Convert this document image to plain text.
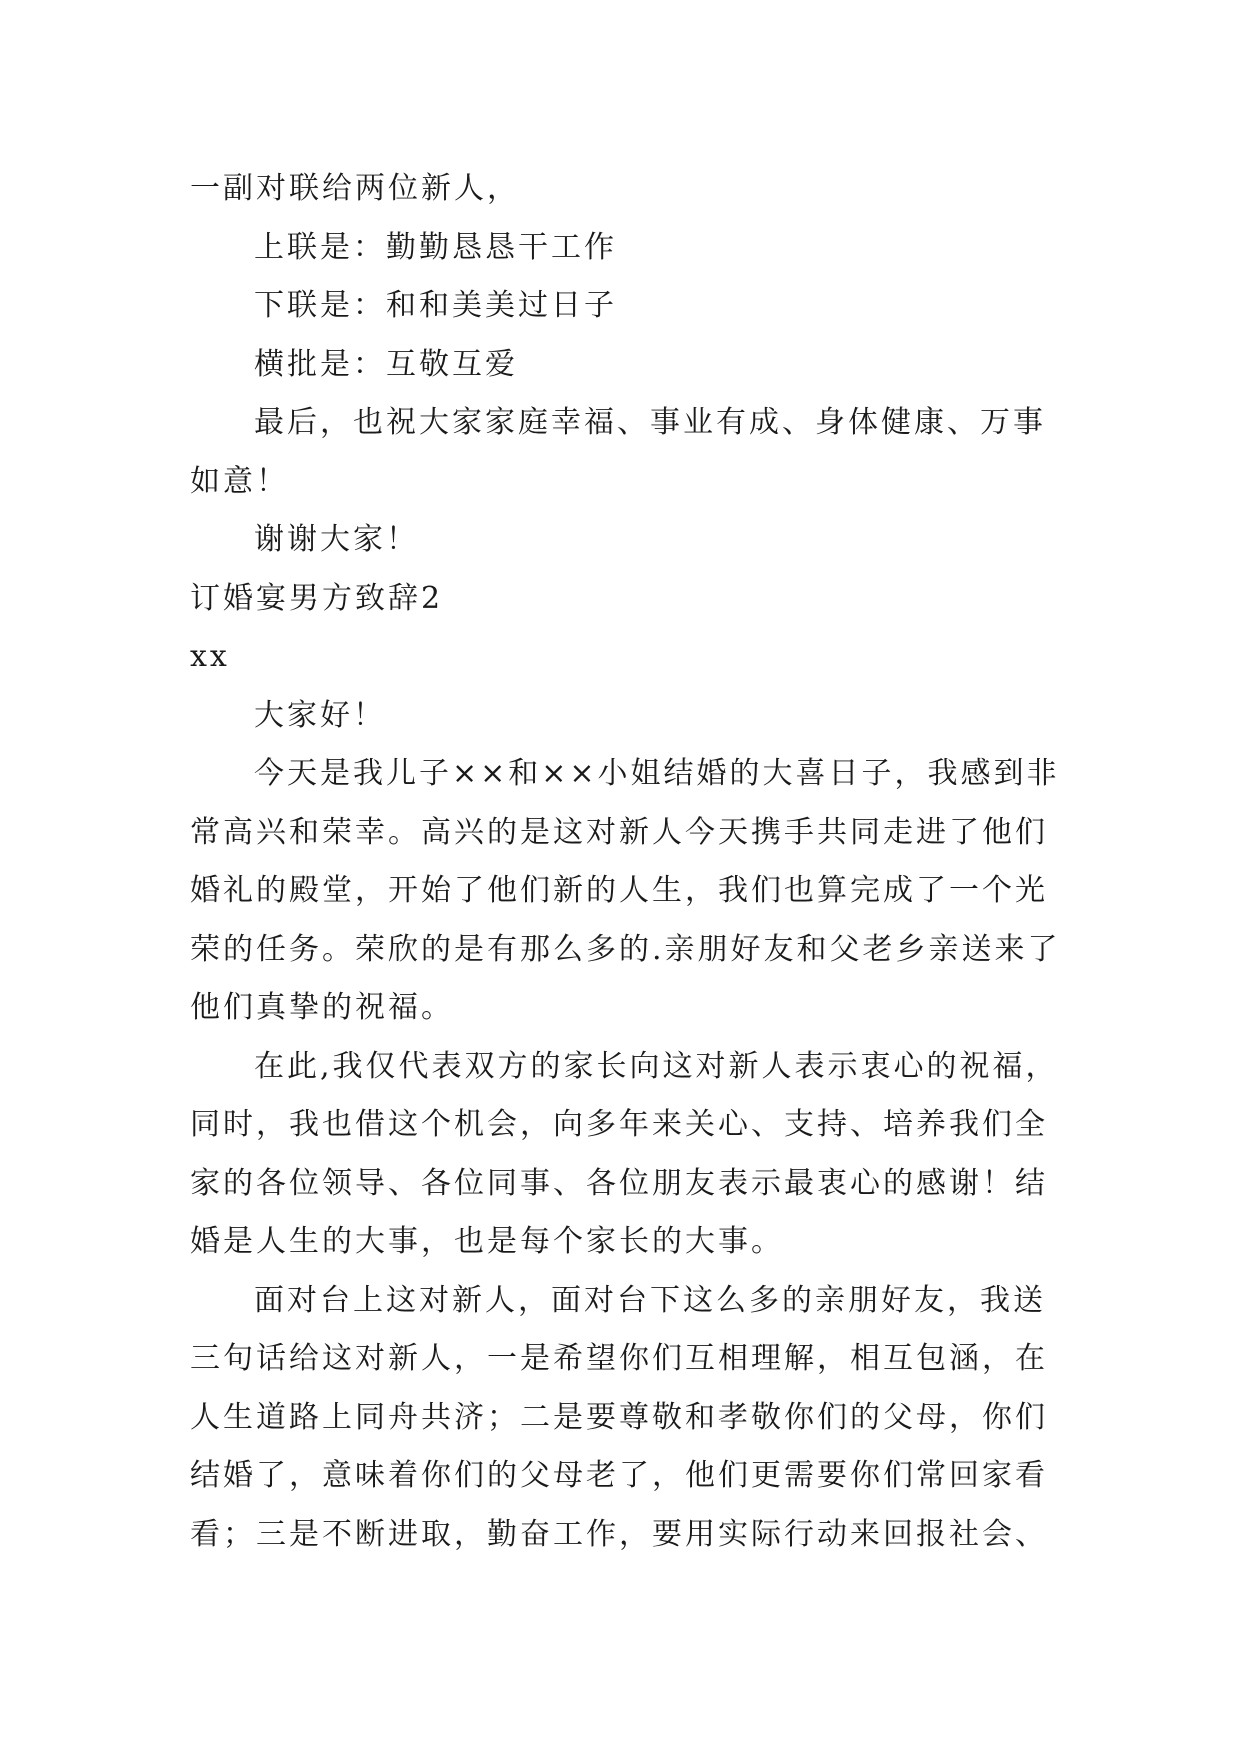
一副对联给两位新人，

上联是：勤勤恳恳干工作

下联是：和和美美过日子

横批是：互敬互爱

最后，也祝大家家庭幸福、事业有成、身体健康、万事如意！

谢谢大家！

订婚宴男方致辞2

xx

大家好！

今天是我儿子××和××小姐结婚的大喜日子，我感到非常高兴和荣幸。高兴的是这对新人今天携手共同走进了他们婚礼的殿堂，开始了他们新的人生，我们也算完成了一个光荣的任务。荣欣的是有那么多的.亲朋好友和父老乡亲送来了他们真挚的祝福。

在此,我仅代表双方的家长向这对新人表示衷心的祝福，同时，我也借这个机会，向多年来关心、支持、培养我们全家的各位领导、各位同事、各位朋友表示最衷心的感谢！结婚是人生的大事，也是每个家长的大事。

面对台上这对新人，面对台下这么多的亲朋好友，我送三句话给这对新人，一是希望你们互相理解，相互包涵，在人生道路上同舟共济；二是要尊敬和孝敬你们的父母，你们结婚了，意味着你们的父母老了，他们更需要你们常回家看看；三是不断进取，勤奋工作，要用实际行动来回报社会、
